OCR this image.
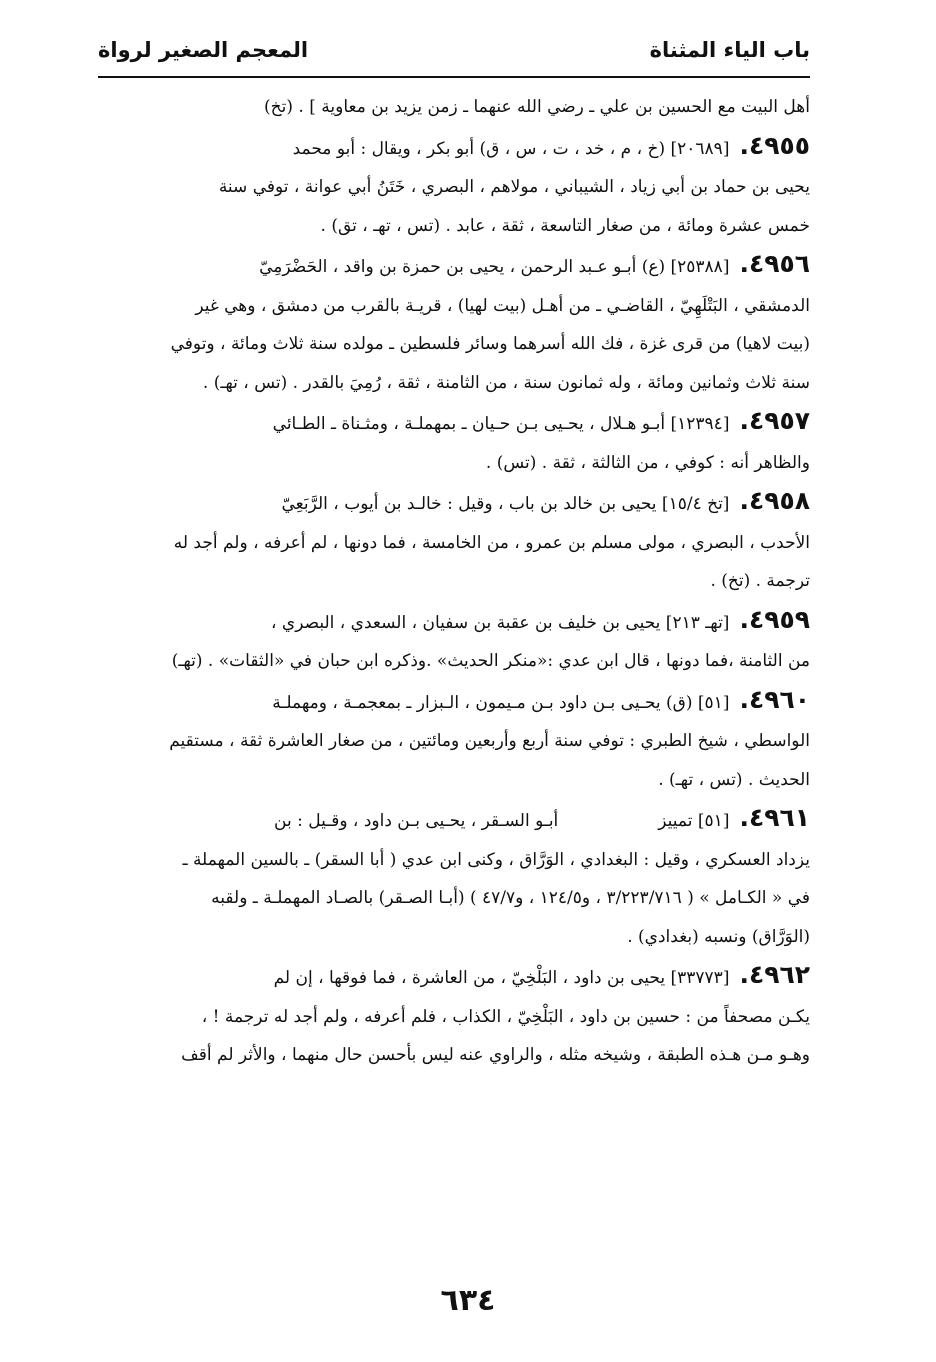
باب الياء المثناة
المعجم الصغير لرواة
أهل البيت مع الحسين بن علي ـ رضي الله عنهما ـ زمن يزيد بن معاوية ] . (تخ)
٤٩٥٥.[٢٠٦٨٩] (خ ، م ، خد ، ت ، س ، ق) أبو بكر ، ويقال : أبو محمد
يحيى بن حماد بن أبي زياد ، الشيباني ، مولاهم ، البصري ، خَتَنُ أبي عوانة ، توفي سنة
خمس عشرة ومائة ، من صغار التاسعة ، ثقة ، عابد . (تس ، تهـ ، تق) .
٤٩٥٦.[٢٥٣٨٨] (ع) أبـو عـبد الرحمن ، يحيى بن حمزة بن واقد ، الحَضْرَمِيّ
الدمشقي ، البَتْلَهِيّ ، القاضـي ـ من أهـل (بيت لهيا) ، قريـة بالقرب من دمشق ، وهي غير
(بيت لاهيا) من قرى غزة ، فك الله أسرهما وسائر فلسطين ـ مولده سنة ثلاث ومائة ، وتوفي
سنة ثلاث وثمانين ومائة ، وله ثمانون سنة ، من الثامنة ، ثقة ، رُمِيَ بالقدر . (تس ، تهـ) .
٤٩٥٧.[١٢٣٩٤] أبـو هـلال ، يحـيى بـن حـيان ـ بمهملـة ، ومثـناة ـ الطـائي
والظاهر أنه : كوفي ، من الثالثة ، ثقة . (تس) .
٤٩٥٨.[تخ ١٥/٤] يحيى بن خالد بن باب ، وقيل : خالـد بن أيوب ، الرَّبَعِيّ
الأحدب ، البصري ، مولى مسلم بن عمرو ، من الخامسة ، فما دونها ، لم أعرفه ، ولم أجد له
ترجمة . (تخ) .
٤٩٥٩.[تهـ ٢١٣] يحيى بن خليف بن عقبة بن سفيان ، السعدي ، البصري ،
من الثامنة ،فما دونها ، قال ابن عدي :«منكر الحديث» .وذكره ابن حبان في «الثقات» . (تهـ)
٤٩٦٠.[٥١] (ق) يحـيى بـن داود بـن مـيمون ، الـبزار ـ بمعجمـة ، ومهملـة
الواسطي ، شيخ الطبري : توفي سنة أربع وأربعين ومائتين ، من صغار العاشرة ثقة ، مستقيم
الحديث . (تس ، تهـ) .
٤٩٦١.[٥١] تمييزأبـو السـقر ، يحـيى بـن داود ، وقـيل : بن
يزداد العسكري ، وقيل : البغدادي ، الوَرَّاق ، وكنى ابن عدي ( أبا السقر) ـ بالسين المهملة ـ
في « الكـامل » ( ٣/٢٢٣/٧١٦ ، و١٢٤/٥ ، و٤٧/٧ ) (أبـا الصـقر) بالصـاد المهملـة ـ ولقبه
(الوَرَّاق) ونسبه (بغدادي) .
٤٩٦٢.[٣٣٧٧٣] يحيى بن داود ، البَلْخِيّ ، من العاشرة ، فما فوقها ، إن لم
يكـن مصحفاً من : حسين بن داود ، البَلْخِيّ ، الكذاب ، فلم أعرفه ، ولم أجد له ترجمة ! ،
وهـو مـن هـذه الطبقة ، وشيخه مثله ، والراوي عنه ليس بأحسن حال منهما ، والأثر لم أقف
٦٣٤
